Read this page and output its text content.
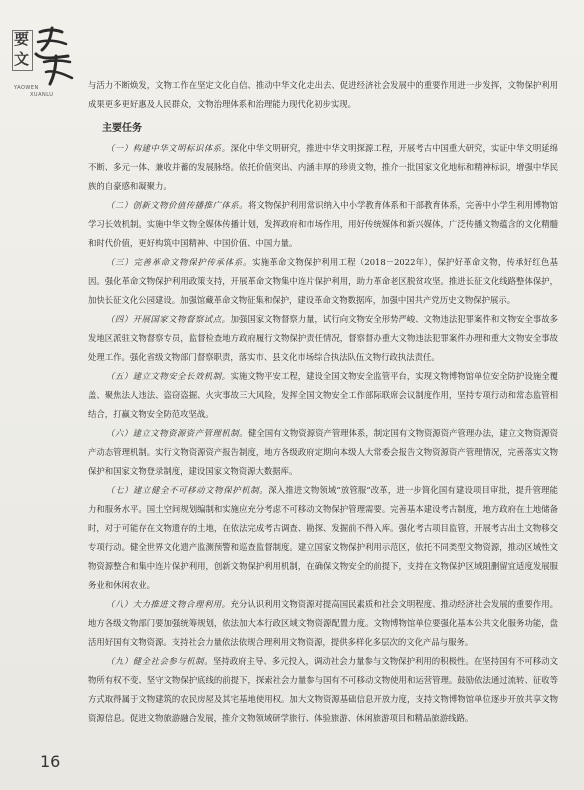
要
文
YAOWEN
XUANLU

与活力不断焕发，文物工作在坚定文化自信、推动中华文化走出去、促进经济社会发展中的重要作用进一步发挥，文物保护利用成果更多更好惠及人民群众，文物治理体系和治理能力现代化初步实现。

主要任务

（一）构建中华文明标识体系。深化中华文明研究，推进中华文明探源工程，开展考古中国重大研究，实证中华文明延绵不断、多元一体、兼收并蓄的发展脉络。依托价值突出、内涵丰厚的珍贵文物，推介一批国家文化地标和精神标识，增强中华民族的自豪感和凝聚力。

（二）创新文物价值传播推广体系。将文物保护利用常识纳入中小学教育体系和干部教育体系，完善中小学生利用博物馆学习长效机制。实施中华文物全媒体传播计划，发挥政府和市场作用，用好传统媒体和新兴媒体，广泛传播文物蕴含的文化精髓和时代价值，更好构筑中国精神、中国价值、中国力量。

（三）完善革命文物保护传承体系。实施革命文物保护利用工程（2018－2022年），保护好革命文物，传承好红色基因。强化革命文物保护利用政策支持，开展革命文物集中连片保护利用，助力革命老区脱贫攻坚。推进长征文化线路整体保护，加快长征文化公园建设。加强馆藏革命文物征集和保护，建设革命文物数据库，加强中国共产党历史文物保护展示。

（四）开展国家文物督察试点。加强国家文物督察力量，试行向文物安全形势严峻、文物违法犯罪案件和文物安全事故多发地区派驻文物督察专员，监督检查地方政府履行文物保护责任情况，督察督办重大文物违法犯罪案件办理和重大文物安全事故处理工作。强化省级文物部门督察职责，落实市、县文化市场综合执法队伍文物行政执法责任。

（五）建立文物安全长效机制。实施文物平安工程，建设全国文物安全监管平台，实现文物博物馆单位安全防护设施全覆盖、聚焦法人违法、盗窃盗掘、火灾事故三大风险，发挥全国文物安全工作部际联席会议制度作用，坚持专项行动和常态监管相结合，打赢文物安全防范攻坚战。

（六）建立文物资源资产管理机制。健全国有文物资源资产管理体系，制定国有文物资源资产管理办法，建立文物资源资产动态管理机制。实行文物资源资产报告制度，地方各级政府定期向本级人大常委会报告文物资源资产管理情况，完善落实文物保护和国家文物登录制度，建设国家文物资源大数据库。

（七）建立健全不可移动文物保护机制。深入推进文物领域“放管服”改革，进一步简化国有建设项目审批，提升管理能力和服务水平。国土空间规划编制和实施应充分考虑不可移动文物保护管理需要。完善基本建设考古制度，地方政府在土地储备时，对于可能存在文物遗存的土地，在依法完成考古调查、勘探、发掘前不得入库。强化考古项目监管，开展考古出土文物移交专项行动。健全世界文化遗产监测预警和巡查监督制度。建立国家文物保护利用示范区，依托不同类型文物资源，推动区域性文物资源整合和集中连片保护利用，创新文物保护利用机制，在确保文物安全的前提下，支持在文物保护区域阻删留宜适度发展服务业和休闲农业。

（八）大力推进文物合理利用。充分认识利用文物资源对提高国民素质和社会文明程度、推动经济社会发展的重要作用。地方各级文物部门要加强统筹规划，依法加大本行政区域文物资源配置力度。文物博物馆单位要强化基本公共文化服务功能，盘活用好国有文物资源。支持社会力量依法依规合理利用文物资源，提供多样化多层次的文化产品与服务。

（九）健全社会参与机制。坚持政府主导、多元投入，调动社会力量参与文物保护利用的积极性。在坚持国有不可移动文物所有权不变、坚守文物保护底线的前提下，探索社会力量参与国有不可移动文物使用和运营管理。鼓励依法通过流转、征收等方式取得属于文物建筑的农民房屋及其宅基地使用权。加大文物资源基础信息开放力度，支持文物博物馆单位逐步开放共享文物资源信息。促进文物旅游融合发展，推介文物领域研学旅行、体验旅游、休闲旅游项目和精品旅游线路。

16
